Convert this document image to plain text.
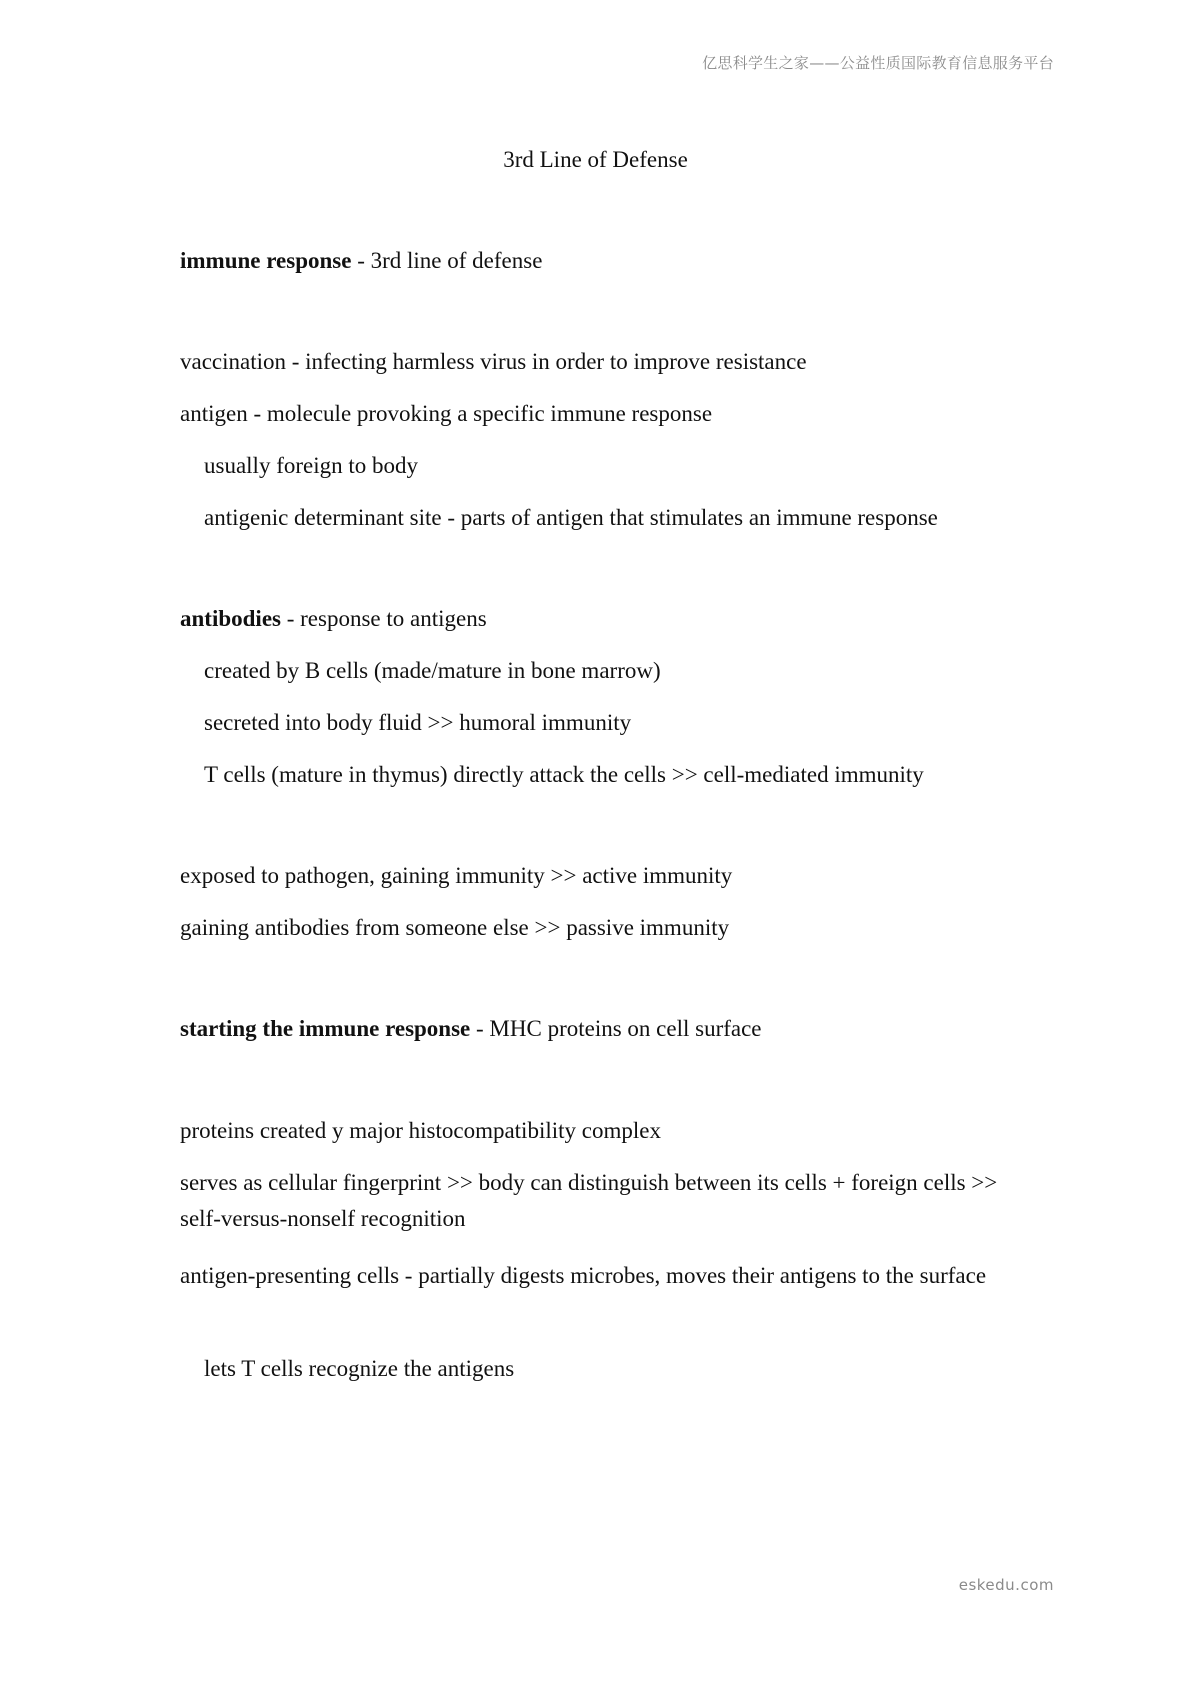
亿思科学生之家——公益性质国际教育信息服务平台
3rd Line of Defense
immune response - 3rd line of defense
vaccination - infecting harmless virus in order to improve resistance
antigen - molecule provoking a specific immune response
usually foreign to body
antigenic determinant site - parts of antigen that stimulates an immune response
antibodies - response to antigens
created by B cells (made/mature in bone marrow)
secreted into body fluid >> humoral immunity
T cells (mature in thymus) directly attack the cells >> cell-mediated immunity
exposed to pathogen, gaining immunity >> active immunity
gaining antibodies from someone else >> passive immunity
starting the immune response - MHC proteins on cell surface
proteins created y major histocompatibility complex
serves as cellular fingerprint >> body can distinguish between its cells + foreign cells >> self-versus-nonself recognition
antigen-presenting cells - partially digests microbes, moves their antigens to the surface
lets T cells recognize the antigens
eskedu.com
